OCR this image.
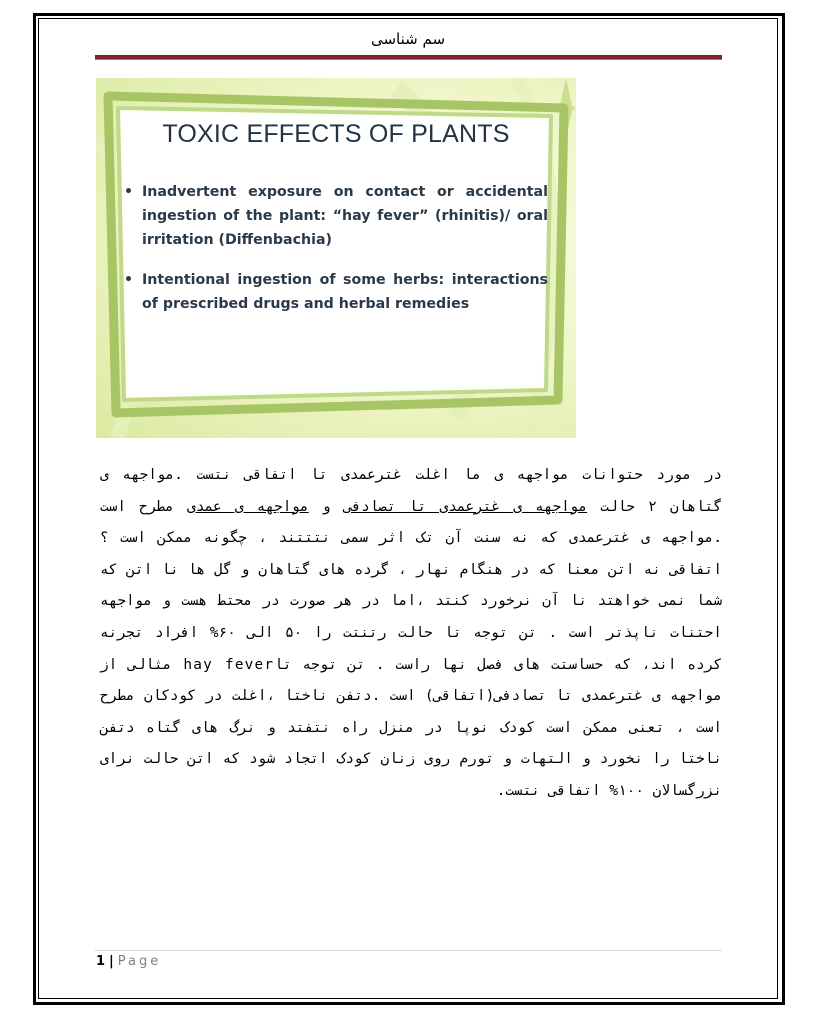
سم شناسی
TOXIC EFFECTS OF PLANTS
• Inadvertent exposure on contact or accidental ingestion of the plant: “hay fever” (rhinitis)/ oral irritation (Diffenbachia)
• Intentional ingestion of some herbs: interactions of prescribed drugs and herbal remedies

در مورد حتوانات مواجهه ی ما اغلت غترعمدی تا اتفاقی نتست .مواجهه ی گتاهان ۲ حالت مواجهه ی غترعمدی تا تصادفی و مواجهه ی عمدی مطرح است .مواجهه ی غترعمدی که نه سنت آن تک اثر سمی نتتتند ، چگونه ممکن است ؟اتفاقی نه اتن معنا که در هنگام نهار ، گرده های گتاهان و گل ها نا اتن که شما نمی خواهتد نا آن نرخورد کنتد ،اما در هر صورت در محتط هست و مواجهه احتنات ناپذتر است . تن توجه تا حالت رتنتت را ۵۰ الی ۶۰% افراد تجرنه کرده اند، که حساستت های فصل نها راست . تن توجه تاhay fever مثالی از مواجهه ی غترعمدی تا تصادفی(اتفاقی) است .دتفن ناختا ،اغلت در کودکان مطرح است ، تعنی ممکن است کودک نوپا در منزل راه نتفتد و نرگ های گتاه دتفن ناختا را نخورد و التهات و تورم روی زنان کودک اتجاد شود که اتن حالت نرای نزرگسالان ۱۰۰% اتفاقی نتست.

1 | Page
